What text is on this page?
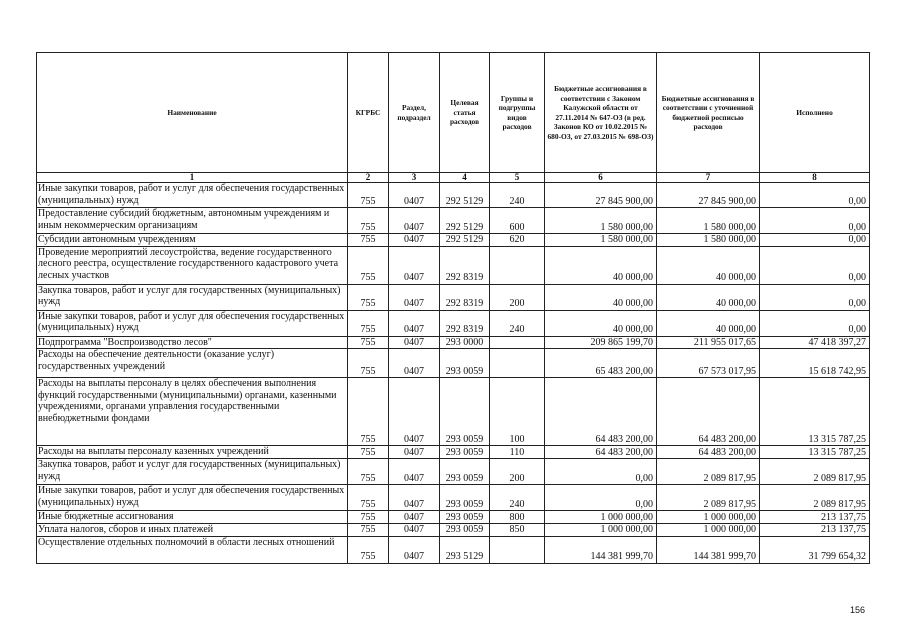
Наименование	КГРБС	Раздел, подраздел	Целевая статья расходов	Группы и подгруппы видов расходов	Бюджетные ассигнования в соответствии с Законом Калужской области от 27.11.2014 № 647-ОЗ (в ред. Законов КО от 10.02.2015 № 680-ОЗ, от 27.03.2015 № 698-ОЗ)	Бюджетные ассигнования в соответствии с уточненной бюджетной росписью расходов	Исполнено
1	2	3	4	5	6	7	8
Иные закупки товаров, работ и услуг для обеспечения государственных (муниципальных) нужд	755	0407	292 5129	240	27 845 900,00	27 845 900,00	0,00
Предоставление субсидий бюджетным, автономным учреждениям и иным некоммерческим организациям	755	0407	292 5129	600	1 580 000,00	1 580 000,00	0,00
Субсидии автономным учреждениям	755	0407	292 5129	620	1 580 000,00	1 580 000,00	0,00
Проведение мероприятий лесоустройства, ведение государственного лесного реестра, осуществление государственного кадастрового учета лесных участков	755	0407	292 8319		40 000,00	40 000,00	0,00
Закупка товаров, работ и услуг для государственных (муниципальных) нужд	755	0407	292 8319	200	40 000,00	40 000,00	0,00
Иные закупки товаров, работ и услуг для обеспечения государственных (муниципальных) нужд	755	0407	292 8319	240	40 000,00	40 000,00	0,00
Подпрограмма "Воспроизводство лесов"	755	0407	293 0000		209 865 199,70	211 955 017,65	47 418 397,27
Расходы на обеспечение деятельности (оказание услуг) государственных учреждений	755	0407	293 0059		65 483 200,00	67 573 017,95	15 618 742,95
Расходы на выплаты персоналу в целях обеспечения выполнения функций государственными (муниципальными) органами, казенными учреждениями, органами управления государственными внебюджетными фондами	755	0407	293 0059	100	64 483 200,00	64 483 200,00	13 315 787,25
Расходы на выплаты персоналу казенных учреждений	755	0407	293 0059	110	64 483 200,00	64 483 200,00	13 315 787,25
Закупка товаров, работ и услуг для государственных (муниципальных) нужд	755	0407	293 0059	200	0,00	2 089 817,95	2 089 817,95
Иные закупки товаров, работ и услуг для обеспечения государственных (муниципальных) нужд	755	0407	293 0059	240	0,00	2 089 817,95	2 089 817,95
Иные бюджетные ассигнования	755	0407	293 0059	800	1 000 000,00	1 000 000,00	213 137,75
Уплата налогов, сборов и иных платежей	755	0407	293 0059	850	1 000 000,00	1 000 000,00	213 137,75
Осуществление отдельных полномочий в области лесных отношений	755	0407	293 5129		144 381 999,70	144 381 999,70	31 799 654,32
156
